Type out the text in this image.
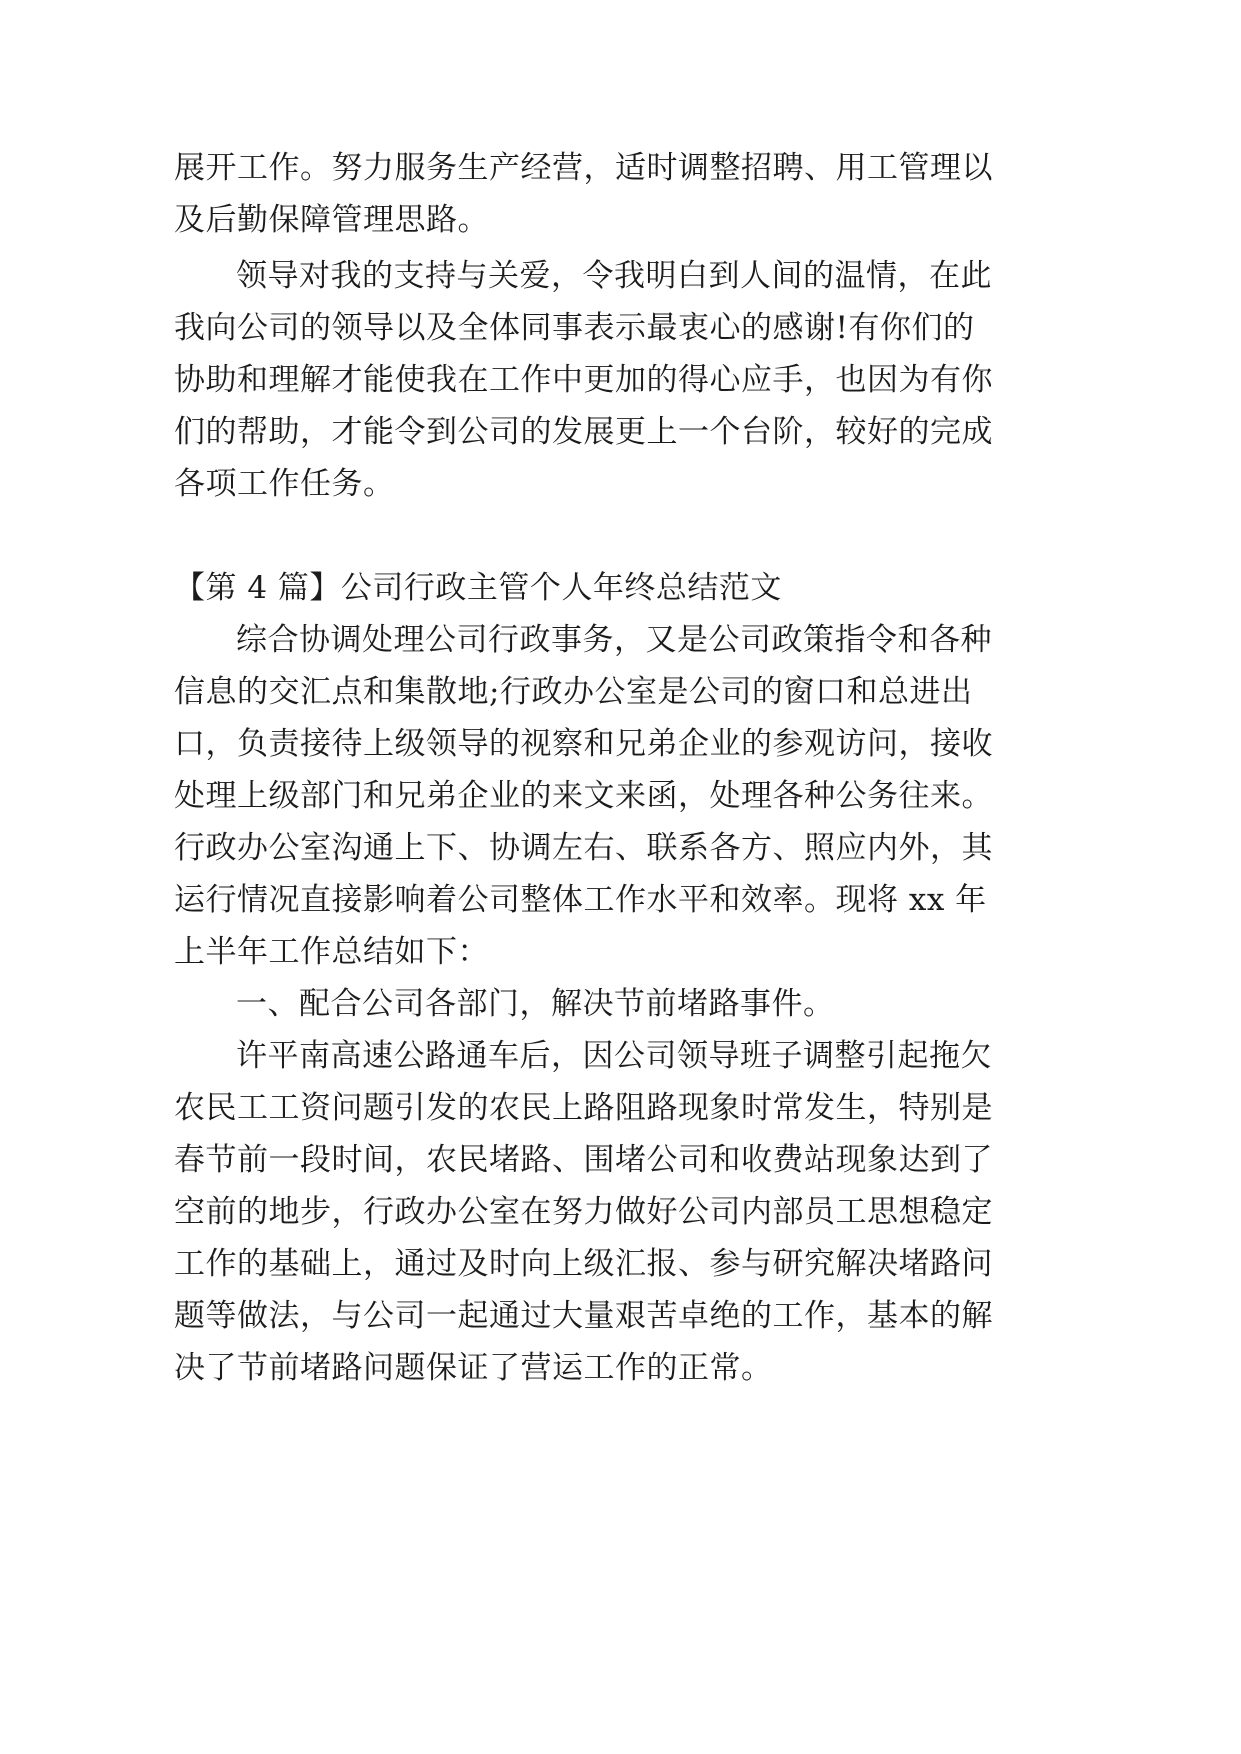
展开工作。努力服务生产经营，适时调整招聘、用工管理以
及后勤保障管理思路。
领导对我的支持与关爱，令我明白到人间的温情，在此
我向公司的领导以及全体同事表示最衷心的感谢!有你们的
协助和理解才能使我在工作中更加的得心应手，也因为有你
们的帮助，才能令到公司的发展更上一个台阶，较好的完成
各项工作任务。
【第 4 篇】公司行政主管个人年终总结范文
综合协调处理公司行政事务，又是公司政策指令和各种
信息的交汇点和集散地;行政办公室是公司的窗口和总进出
口，负责接待上级领导的视察和兄弟企业的参观访问，接收
处理上级部门和兄弟企业的来文来函，处理各种公务往来。
行政办公室沟通上下、协调左右、联系各方、照应内外，其
运行情况直接影响着公司整体工作水平和效率。现将 xx 年
上半年工作总结如下：
一、配合公司各部门，解决节前堵路事件。
许平南高速公路通车后，因公司领导班子调整引起拖欠
农民工工资问题引发的农民上路阻路现象时常发生，特别是
春节前一段时间，农民堵路、围堵公司和收费站现象达到了
空前的地步，行政办公室在努力做好公司内部员工思想稳定
工作的基础上，通过及时向上级汇报、参与研究解决堵路问
题等做法，与公司一起通过大量艰苦卓绝的工作，基本的解
决了节前堵路问题保证了营运工作的正常。
